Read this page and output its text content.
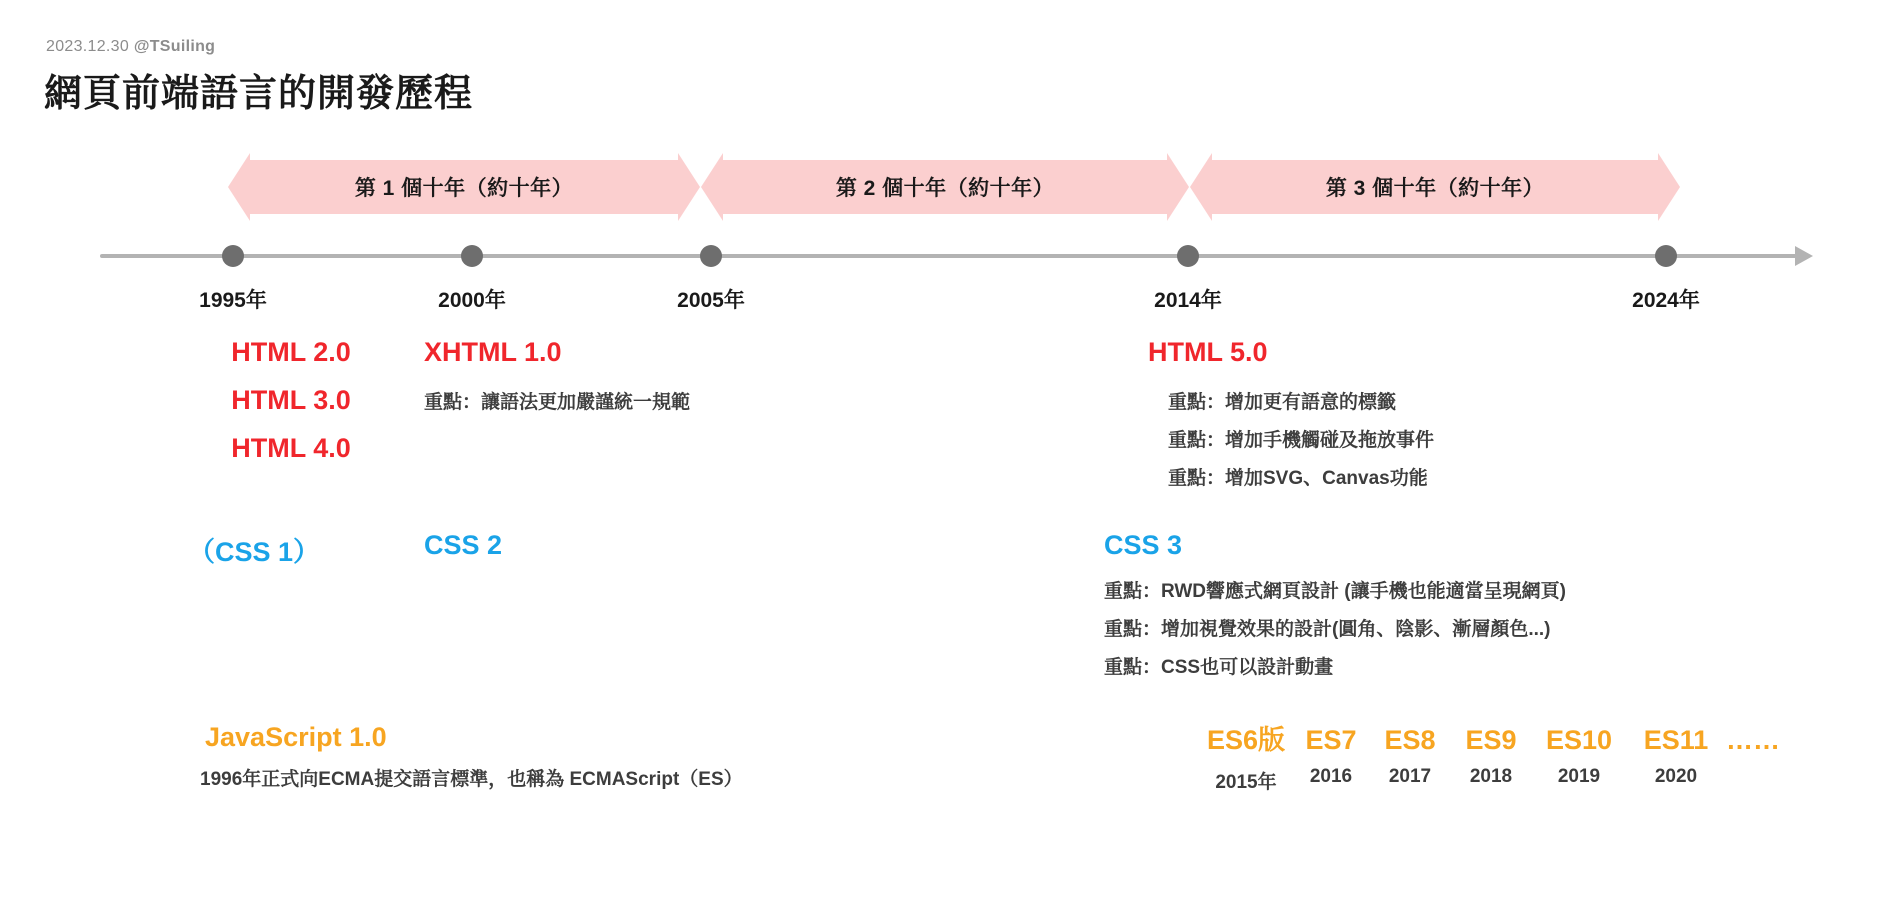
2023.12.30 @TSuiling
網頁前端語言的開發歷程
第 1 個十年（約十年）	第 2 個十年（約十年）	第 3 個十年（約十年）
1995年	2000年	2005年	2014年	2024年
HTML 2.0
HTML 3.0
HTML 4.0
XHTML 1.0
重點：讓語法更加嚴謹統一規範
HTML 5.0
重點：增加更有語意的標籤
重點：增加手機觸碰及拖放事件
重點：增加SVG、Canvas功能
（CSS 1）	CSS 2	CSS 3
重點：RWD響應式網頁設計 (讓手機也能適當呈現網頁)
重點：增加視覺效果的設計(圓角、陰影、漸層顏色...)
重點：CSS也可以設計動畫
JavaScript 1.0
1996年正式向ECMA提交語言標準，也稱為 ECMAScript（ES）
ES6版
2015年
ES7
2016
ES8
2017
ES9
2018
ES10
2019
ES11
2020
……
